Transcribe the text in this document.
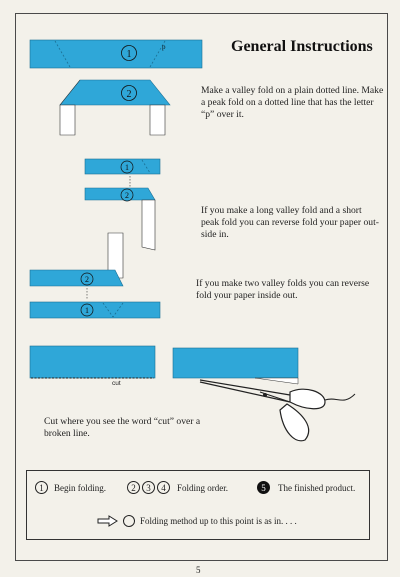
General Instructions
1
p
2	Make a valley fold on a plain dotted line. Make
a peak fold on a dotted line that has the letter
“p” over it.
1
2
If you make a long valley fold and a short
peak fold you can reverse fold your paper out-
side in.
2
1
If you make two valley folds you can reverse
fold your paper inside out.
cut
Cut where you see the word “cut” over a
broken line.
1	Begin folding.	2	3	4	Folding order.	5	The finished product.
Folding method up to this point is as in. . . .
5
